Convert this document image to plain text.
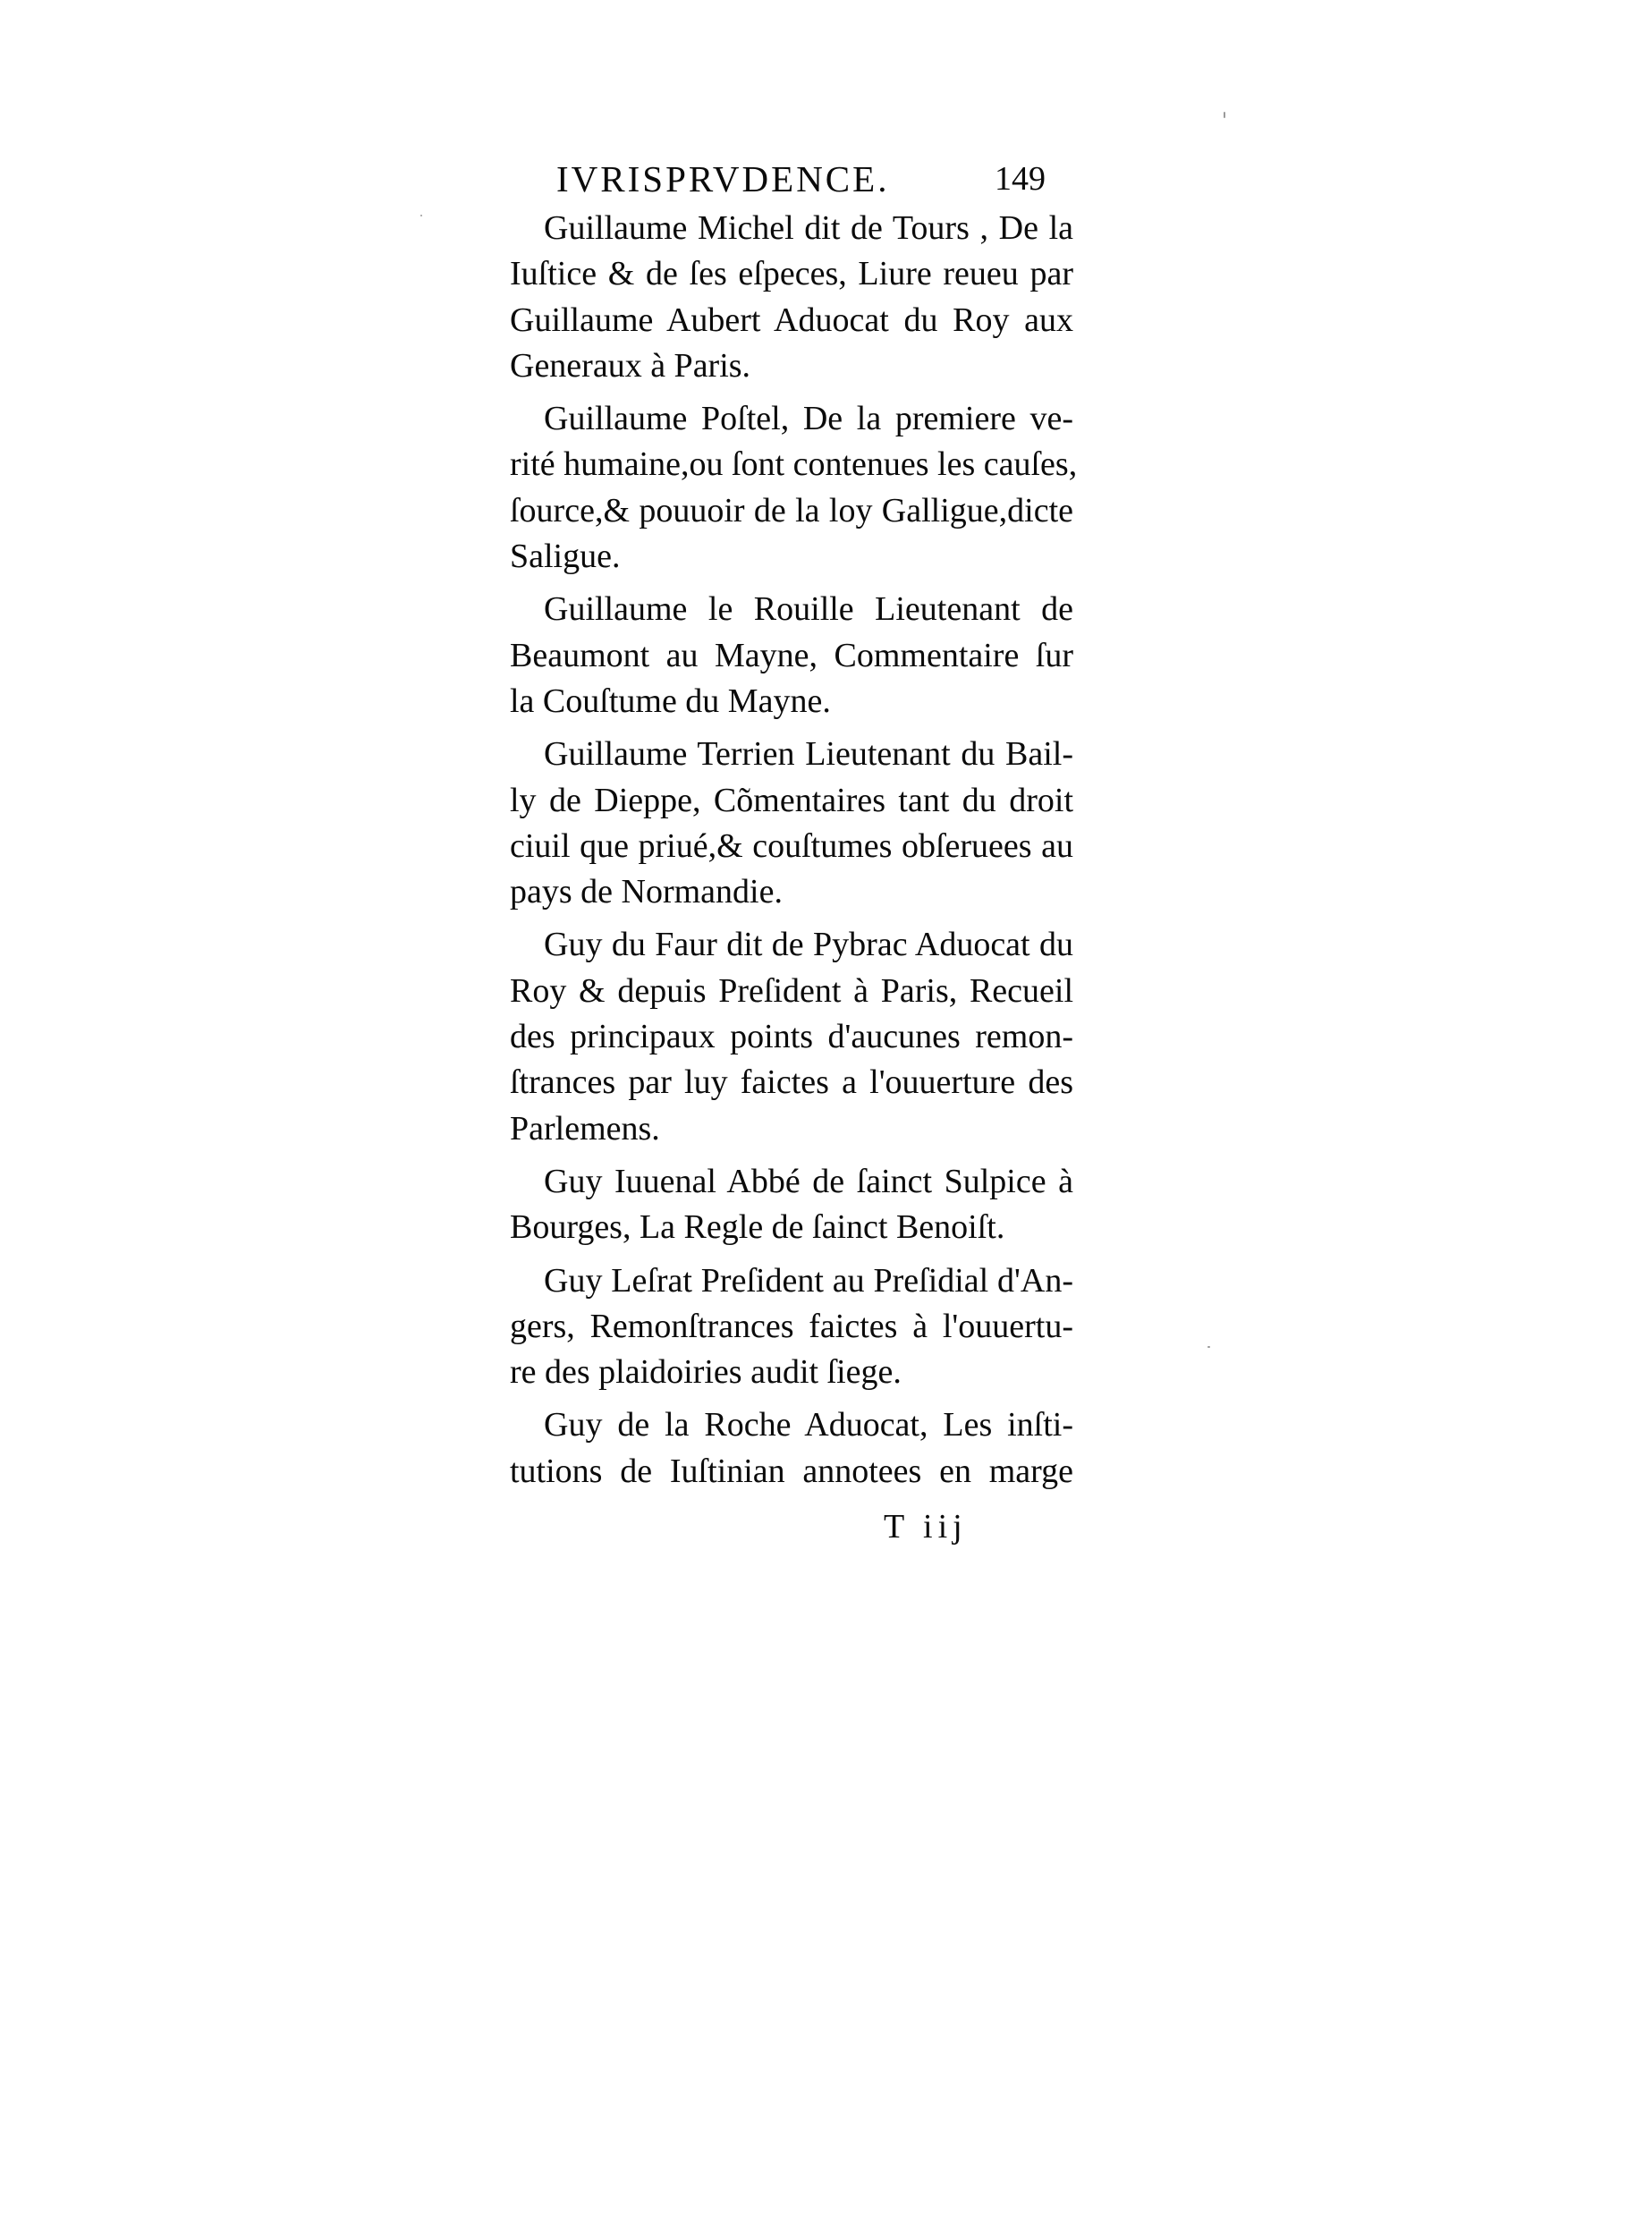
IVRISPRVDENCE.	149
Guillaume Michel dit de Tours , De la
Iuſtice & de ſes eſpeces, Liure reueu par
Guillaume Aubert Aduocat du Roy aux
Generaux à Paris.
Guillaume Poſtel, De la premiere ve-
rité humaine,ou ſont contenues les cauſes,
ſource,& pouuoir de la loy Galligue,dicte
Saligue.
Guillaume le Rouille Lieutenant de
Beaumont au Mayne, Commentaire ſur
la Couſtume du Mayne.
Guillaume Terrien Lieutenant du Bail-
ly de Dieppe, Cõmentaires tant du droit
ciuil que priué,& couſtumes obſeruees au
pays de Normandie.
Guy du Faur dit de Pybrac Aduocat du
Roy & depuis Preſident à Paris, Recueil
des principaux points d'aucunes remon-
ſtrances par luy faictes a l'ouuerture des
Parlemens.
Guy Iuuenal Abbé de ſainct Sulpice à
Bourges, La Regle de ſainct Benoiſt.
Guy Leſrat Preſident au Preſidial d'An-
gers, Remonſtrances faictes à l'ouuertu-
re des plaidoiries audit ſiege.
Guy de la Roche Aduocat, Les inſti-
tutions de Iuſtinian annotees en marge
T iij
